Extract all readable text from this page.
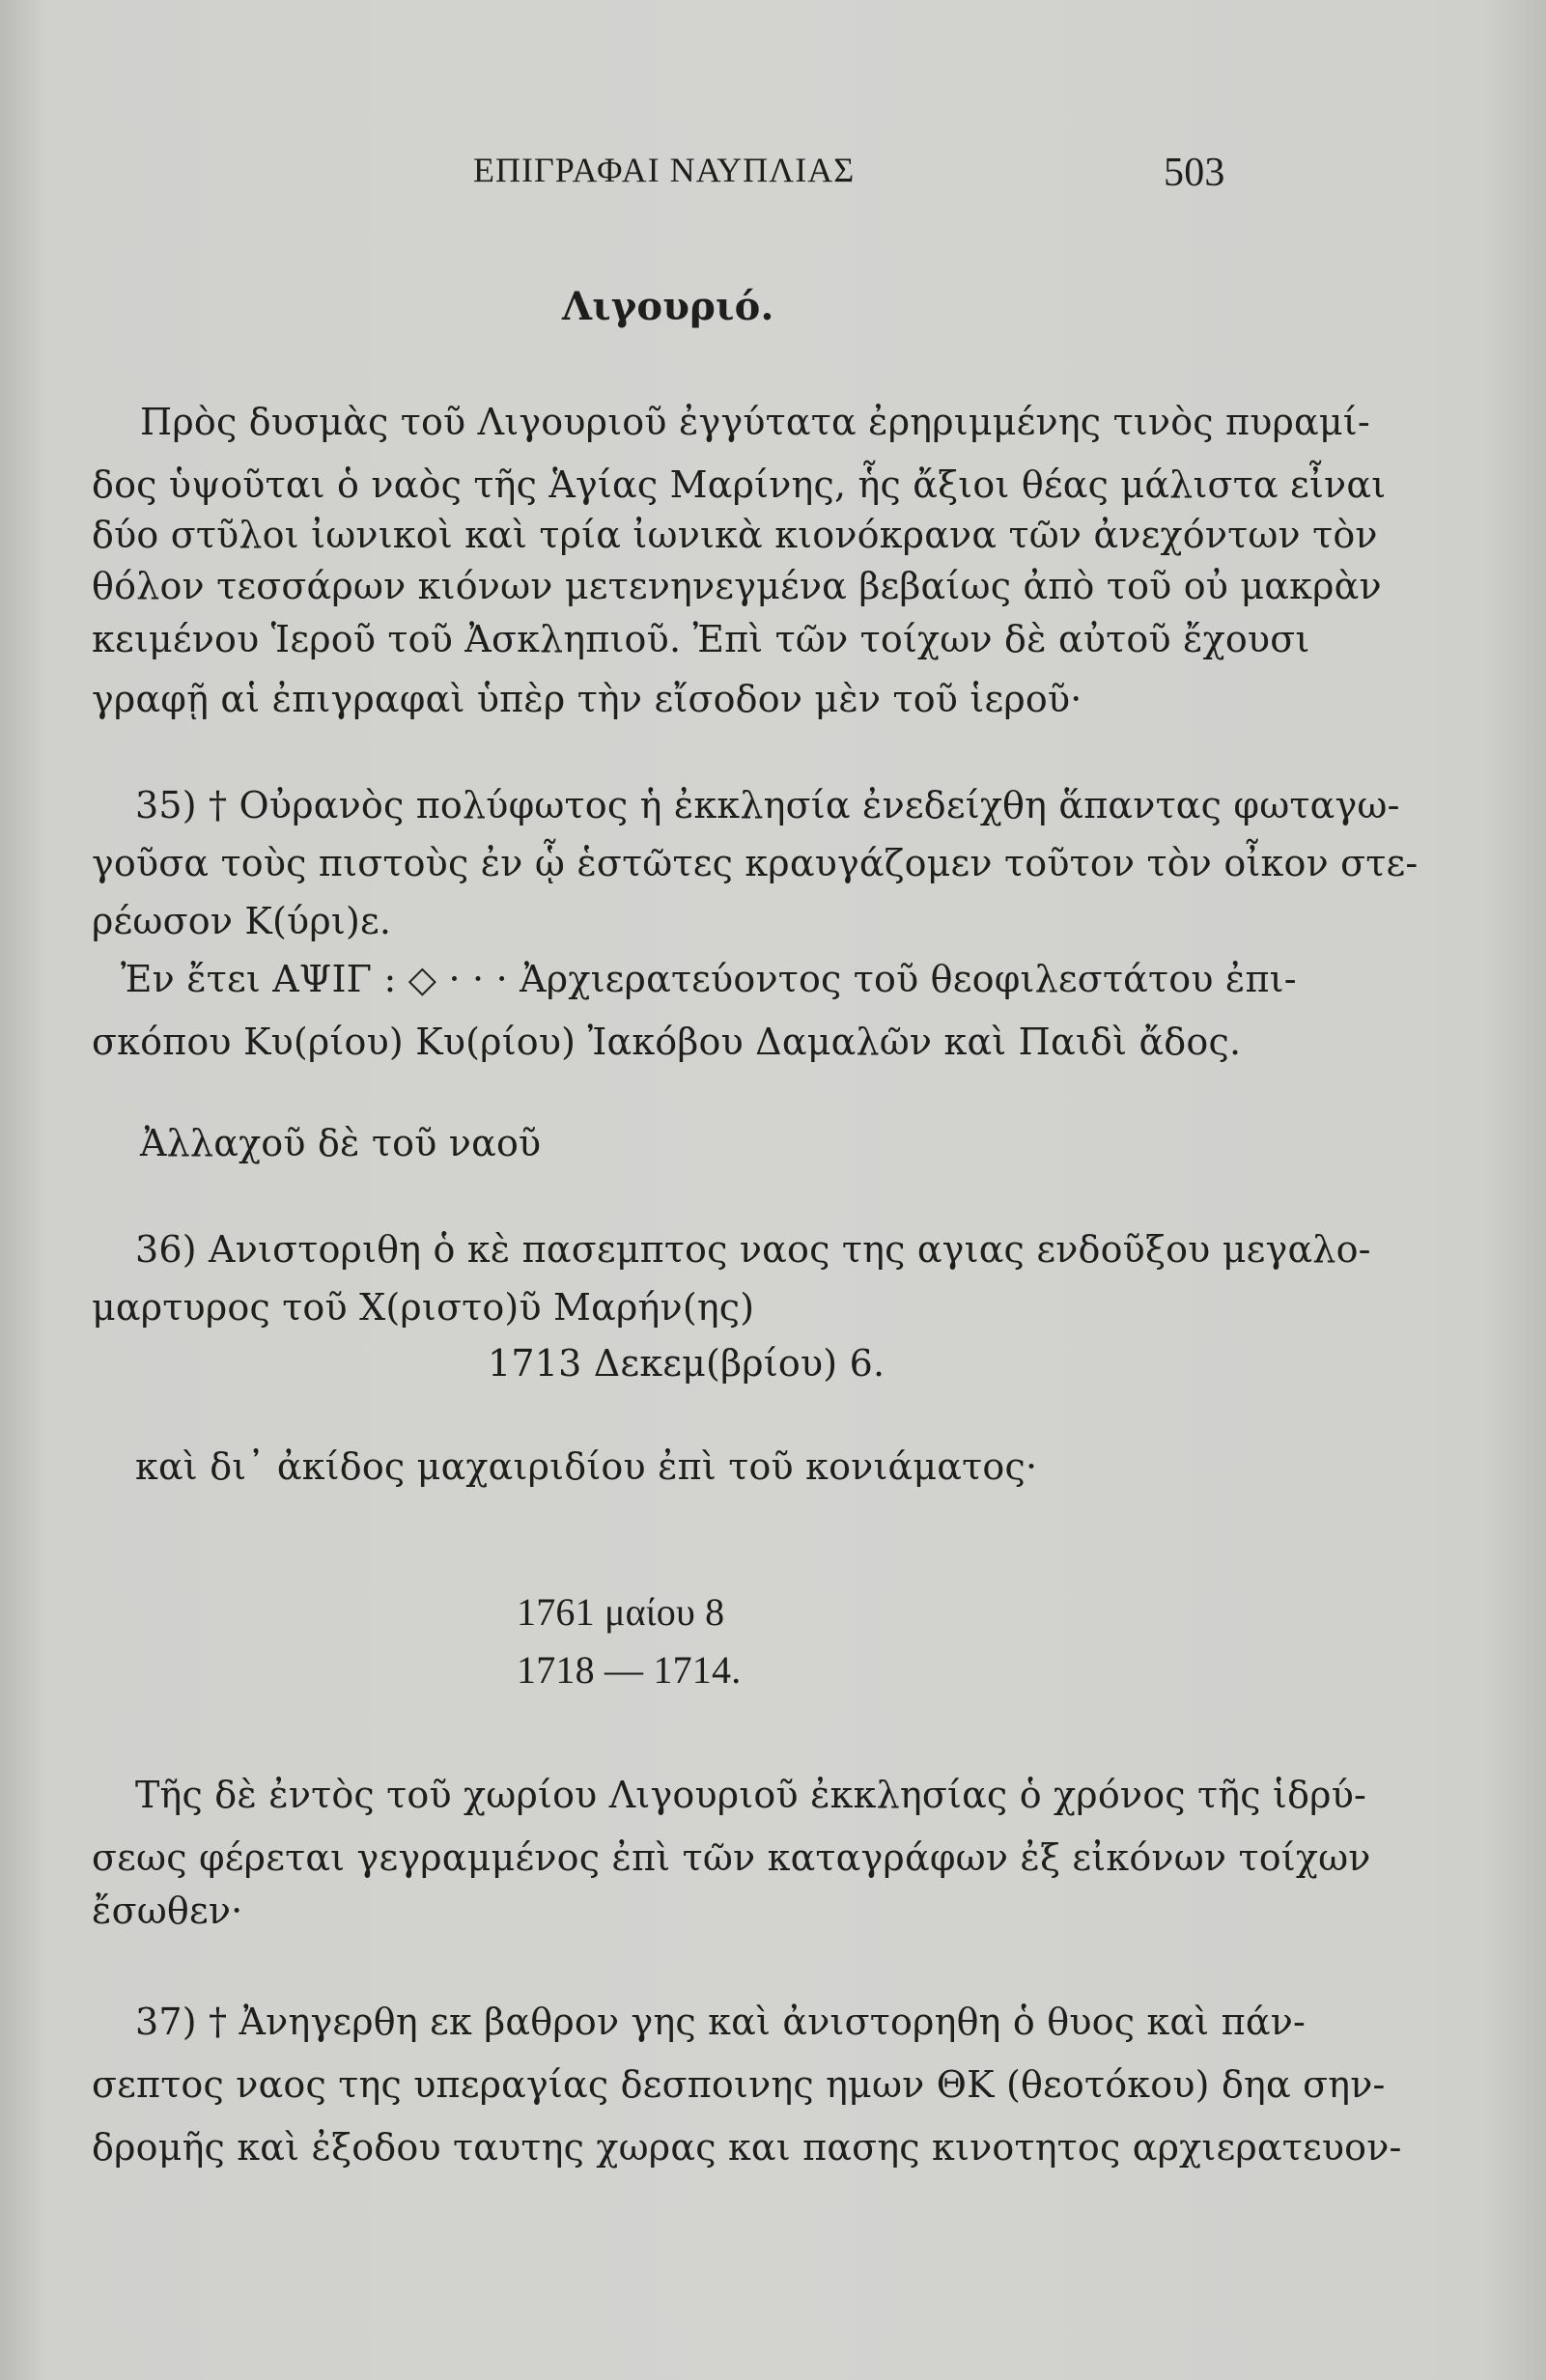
ΕΠΙΓΡΑΦΑΙ ΝΑΥΠΛΙΑΣ	503
Λιγουριό.
Πρὸς δυσμὰς τοῦ Λιγουριοῦ ἐγγύτατα ἐρηριμμένης τινὸς πυραμί-
δος ὑψοῦται ὁ ναὸς τῆς Ἁγίας Μαρίνης, ἧς ἄξιοι θέας μάλιστα εἶναι
δύο στῦλοι ἰωνικοὶ καὶ τρία ἰωνικὰ κιονόκρανα τῶν ἀνεχόντων τὸν
θόλον τεσσάρων κιόνων μετενηνεγμένα βεβαίως ἀπὸ τοῦ οὐ μακρὰν
κειμένου Ἱεροῦ τοῦ Ἀσκληπιοῦ. Ἐπὶ τῶν τοίχων δὲ αὐτοῦ ἔχουσι
γραφῇ αἱ ἐπιγραφαὶ ὑπὲρ τὴν εἴσοδον μὲν τοῦ ἱεροῦ·
35) † Οὐρανὸς πολύφωτος ἡ ἐκκλησία ἐνεδείχθη ἅπαντας φωταγω-
γοῦσα τοὺς πιστοὺς ἐν ᾧ ἑστῶτες κραυγάζομεν τοῦτον τὸν οἶκον στε-
ρέωσον Κ(ύρι)ε.
Ἐν ἔτει ΑΨΙΓ : ◇ · · · Ἀρχιερατεύοντος τοῦ θεοφιλεστάτου ἐπι-
σκόπου Κυ(ρίου) Κυ(ρίου) Ἰακόβου Δαμαλῶν καὶ Παιδὶ ἄδος.
Ἀλλαχοῦ δὲ τοῦ ναοῦ
36) Ανιστοριθη ὁ κὲ πασεμπτος ναος της αγιας ενδοῦξου μεγαλο-
μαρτυρος τοῦ Χ(ριστο)ῦ Μαρήν(ης)
1713 Δεκεμ(βρίου) 6.
καὶ δι᾽ ἀκίδος μαχαιριδίου ἐπὶ τοῦ κονιάματος·
1761 μαίου 8
1718 — 1714.
Τῆς δὲ ἐντὸς τοῦ χωρίου Λιγουριοῦ ἐκκλησίας ὁ χρόνος τῆς ἱδρύ-
σεως φέρεται γεγραμμένος ἐπὶ τῶν καταγράφων ἐξ εἰκόνων τοίχων
ἔσωθεν·
37) † Ἀνηγερθη εκ βαθρον γης καὶ ἀνιστορηθη ὁ θυος καὶ πάν-
σεπτος ναος της υπεραγίας δεσποινης ημων ΘΚ (θεοτόκου) δηα σην-
δρομῆς καὶ ἐξοδου ταυτης χωρας και πασης κινοτητος αρχιερατευον-
